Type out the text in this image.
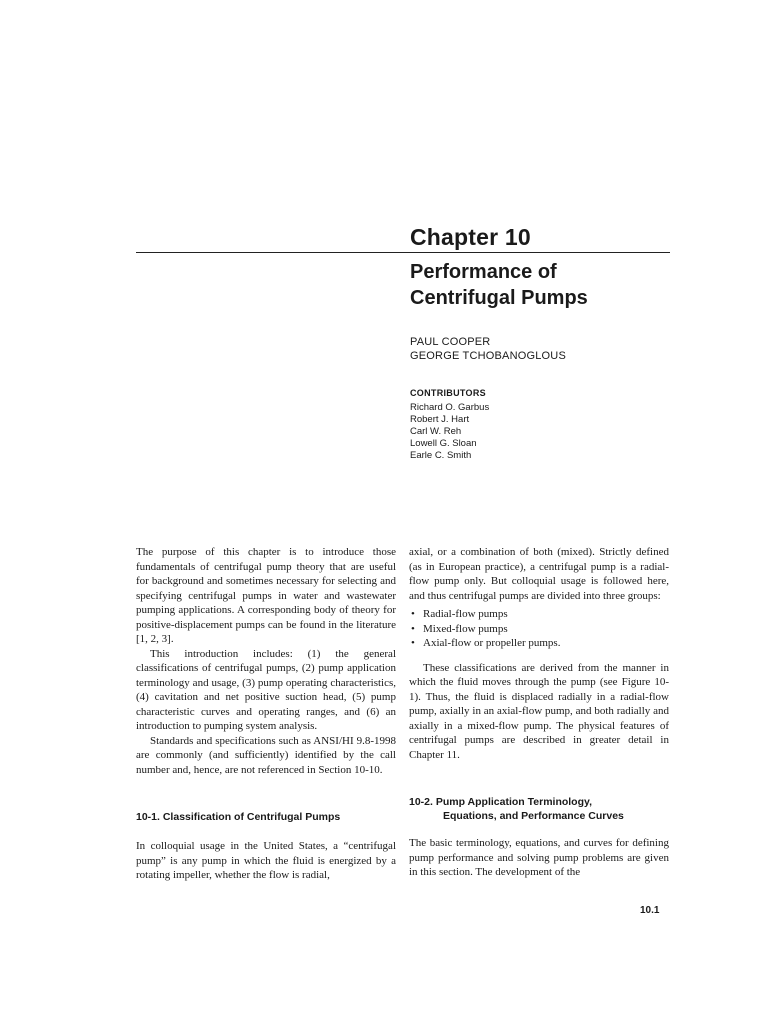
Chapter 10
Performance of
Centrifugal Pumps
PAUL COOPER
GEORGE TCHOBANOGLOUS
CONTRIBUTORS
Richard O. Garbus
Robert J. Hart
Carl W. Reh
Lowell G. Sloan
Earle C. Smith

The purpose of this chapter is to introduce those fundamentals of centrifugal pump theory that are useful for background and sometimes necessary for selecting and specifying centrifugal pumps in water and wastewater pumping applications. A corresponding body of theory for positive-displacement pumps can be found in the literature [1, 2, 3].

This introduction includes: (1) the general classifications of centrifugal pumps, (2) pump application terminology and usage, (3) pump operating characteristics, (4) cavitation and net positive suction head, (5) pump characteristic curves and operating ranges, and (6) an introduction to pumping system analysis.

Standards and specifications such as ANSI/HI 9.8-1998 are commonly (and sufficiently) identified by the call number and, hence, are not referenced in Section 10-10.

axial, or a combination of both (mixed). Strictly defined (as in European practice), a centrifugal pump is a radial-flow pump only. But colloquial usage is followed here, and thus centrifugal pumps are divided into three groups:

• Radial-flow pumps
• Mixed-flow pumps
• Axial-flow or propeller pumps.

These classifications are derived from the manner in which the fluid moves through the pump (see Figure 10-1). Thus, the fluid is displaced radially in a radial-flow pump, axially in an axial-flow pump, and both radially and axially in a mixed-flow pump. The physical features of centrifugal pumps are described in greater detail in Chapter 11.

10-1. Classification of Centrifugal Pumps
10-2. Pump Application Terminology,
Equations, and Performance Curves

In colloquial usage in the United States, a “centrifugal pump” is any pump in which the fluid is energized by a rotating impeller, whether the flow is radial,

The basic terminology, equations, and curves for defining pump performance and solving pump problems are given in this section. The development of the

10.1
